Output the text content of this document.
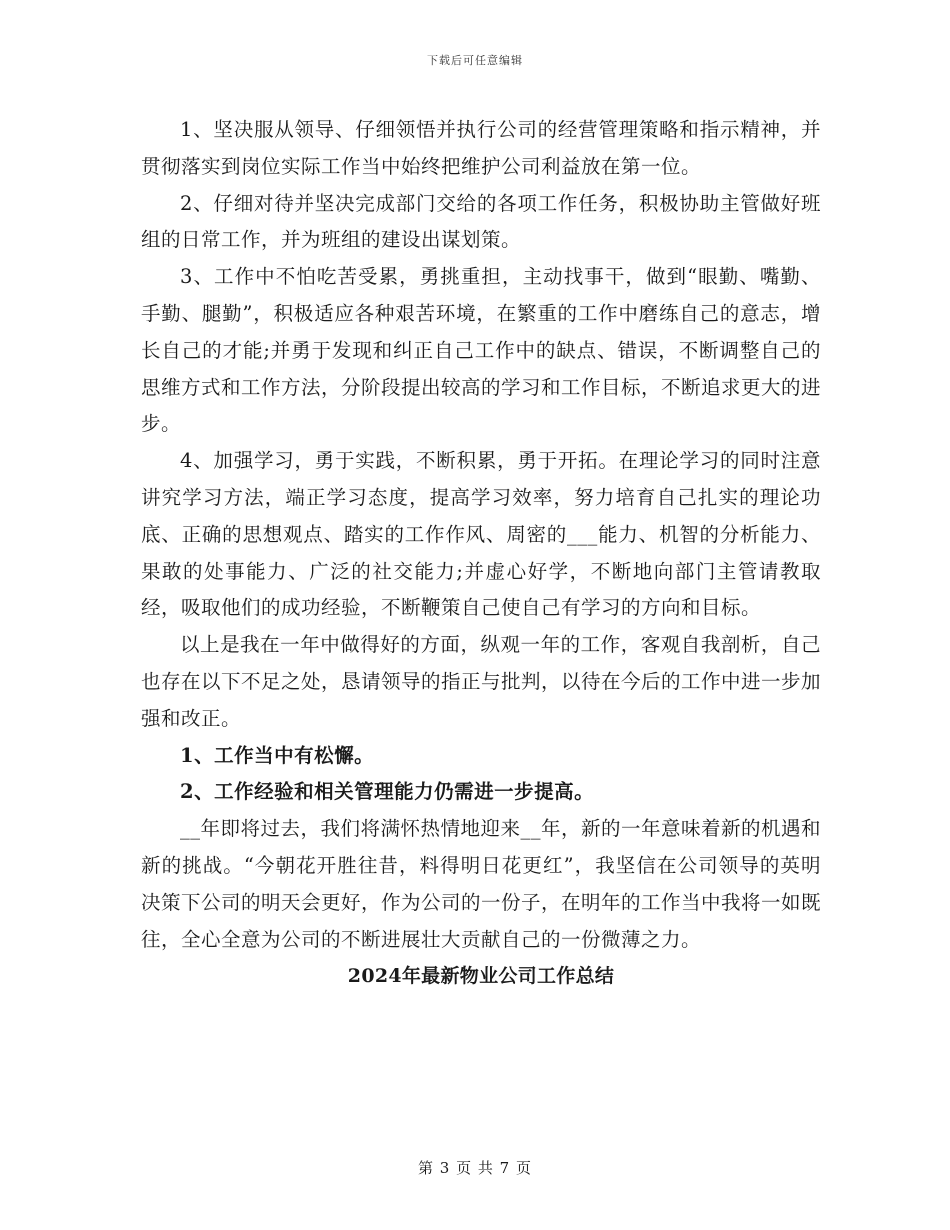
下载后可任意编辑

1、坚决服从领导、仔细领悟并执行公司的经营管理策略和指示精神，并贯彻落实到岗位实际工作当中始终把维护公司利益放在第一位。

2、仔细对待并坚决完成部门交给的各项工作任务，积极协助主管做好班组的日常工作，并为班组的建设出谋划策。

3、工作中不怕吃苦受累，勇挑重担，主动找事干，做到“眼勤、嘴勤、手勤、腿勤”，积极适应各种艰苦环境，在繁重的工作中磨练自己的意志，增长自己的才能;并勇于发现和纠正自己工作中的缺点、错误，不断调整自己的思维方式和工作方法，分阶段提出较高的学习和工作目标，不断追求更大的进步。

4、加强学习，勇于实践，不断积累，勇于开拓。在理论学习的同时注意讲究学习方法，端正学习态度，提高学习效率，努力培育自己扎实的理论功底、正确的思想观点、踏实的工作作风、周密的___能力、机智的分析能力、果敢的处事能力、广泛的社交能力;并虚心好学，不断地向部门主管请教取经，吸取他们的成功经验，不断鞭策自己使自己有学习的方向和目标。

以上是我在一年中做得好的方面，纵观一年的工作，客观自我剖析，自己也存在以下不足之处，恳请领导的指正与批判，以待在今后的工作中进一步加强和改正。

1、工作当中有松懈。

2、工作经验和相关管理能力仍需进一步提高。

__年即将过去，我们将满怀热情地迎来__年，新的一年意味着新的机遇和新的挑战。“今朝花开胜往昔，料得明日花更红”，我坚信在公司领导的英明决策下公司的明天会更好，作为公司的一份子，在明年的工作当中我将一如既往，全心全意为公司的不断进展壮大贡献自己的一份微薄之力。

2024年最新物业公司工作总结

第 3 页 共 7 页
